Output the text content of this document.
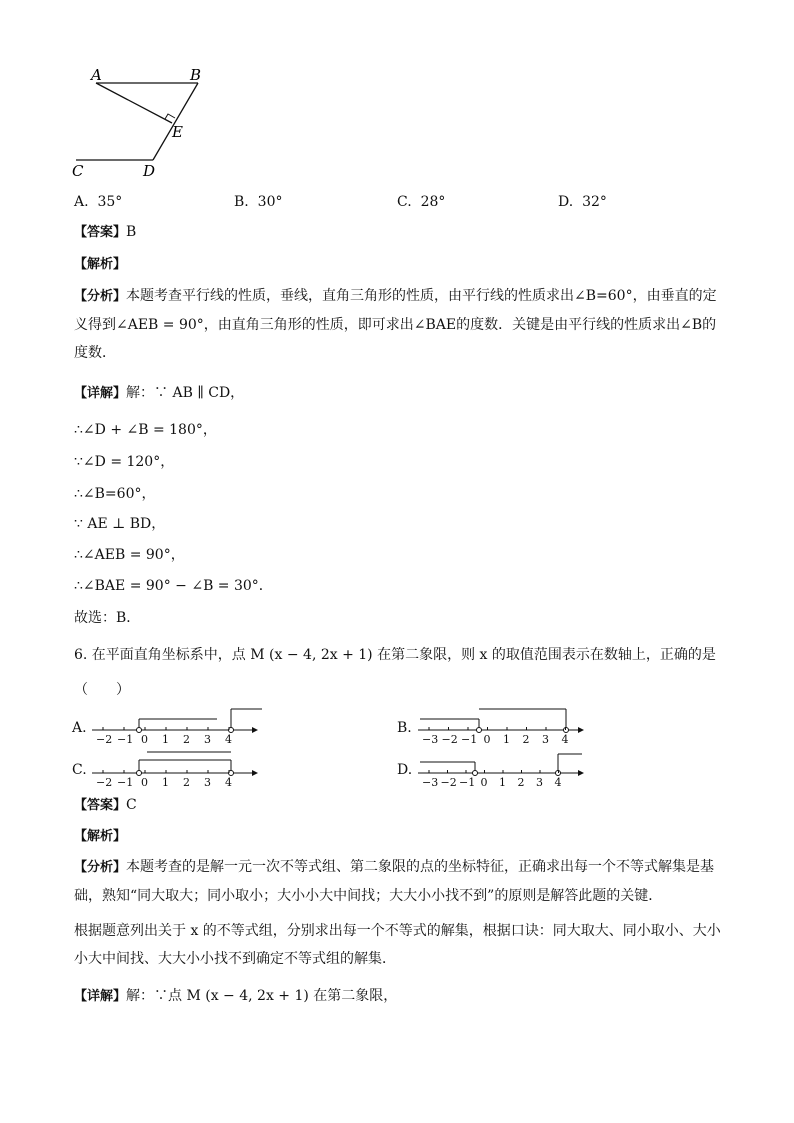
A	B
E
C	D
A. 35°	B. 30°	C. 28°	D. 32°
【答案】B
【解析】
【分析】本题考查平行线的性质，垂线，直角三角形的性质，由平行线的性质求出∠B=60°，由垂直的定义得到∠AEB = 90°，由直角三角形的性质，即可求出∠BAE的度数．关键是由平行线的性质求出∠B的度数．
【详解】解：∵ AB ∥ CD，
∴∠D + ∠B = 180°，
∵∠D = 120°，
∴∠B=60°，
∵ AE ⊥ BD，
∴∠AEB = 90°，
∴∠BAE = 90° − ∠B = 30°．
故选：B．
6. 在平面直角坐标系中，点 M (x − 4, 2x + 1) 在第二象限，则 x 的取值范围表示在数轴上，正确的是
（　　）
A.	B.
C.	D.
−2 −1 0 1 2 3 4
−2 −1 0 1 2 3 4
−3 −2 −1 0 1 2 3 4
−3 −2 −1 0 1 2 3 4
【答案】C
【解析】
【分析】本题考查的是解一元一次不等式组、第二象限的点的坐标特征，正确求出每一个不等式解集是基础，熟知“同大取大；同小取小；大小小大中间找；大大小小找不到”的原则是解答此题的关键．
根据题意列出关于 x 的不等式组，分别求出每一个不等式的解集，根据口诀：同大取大、同小取小、大小小大中间找、大大小小找不到确定不等式组的解集．
【详解】解：∵点 M (x − 4, 2x + 1) 在第二象限，
